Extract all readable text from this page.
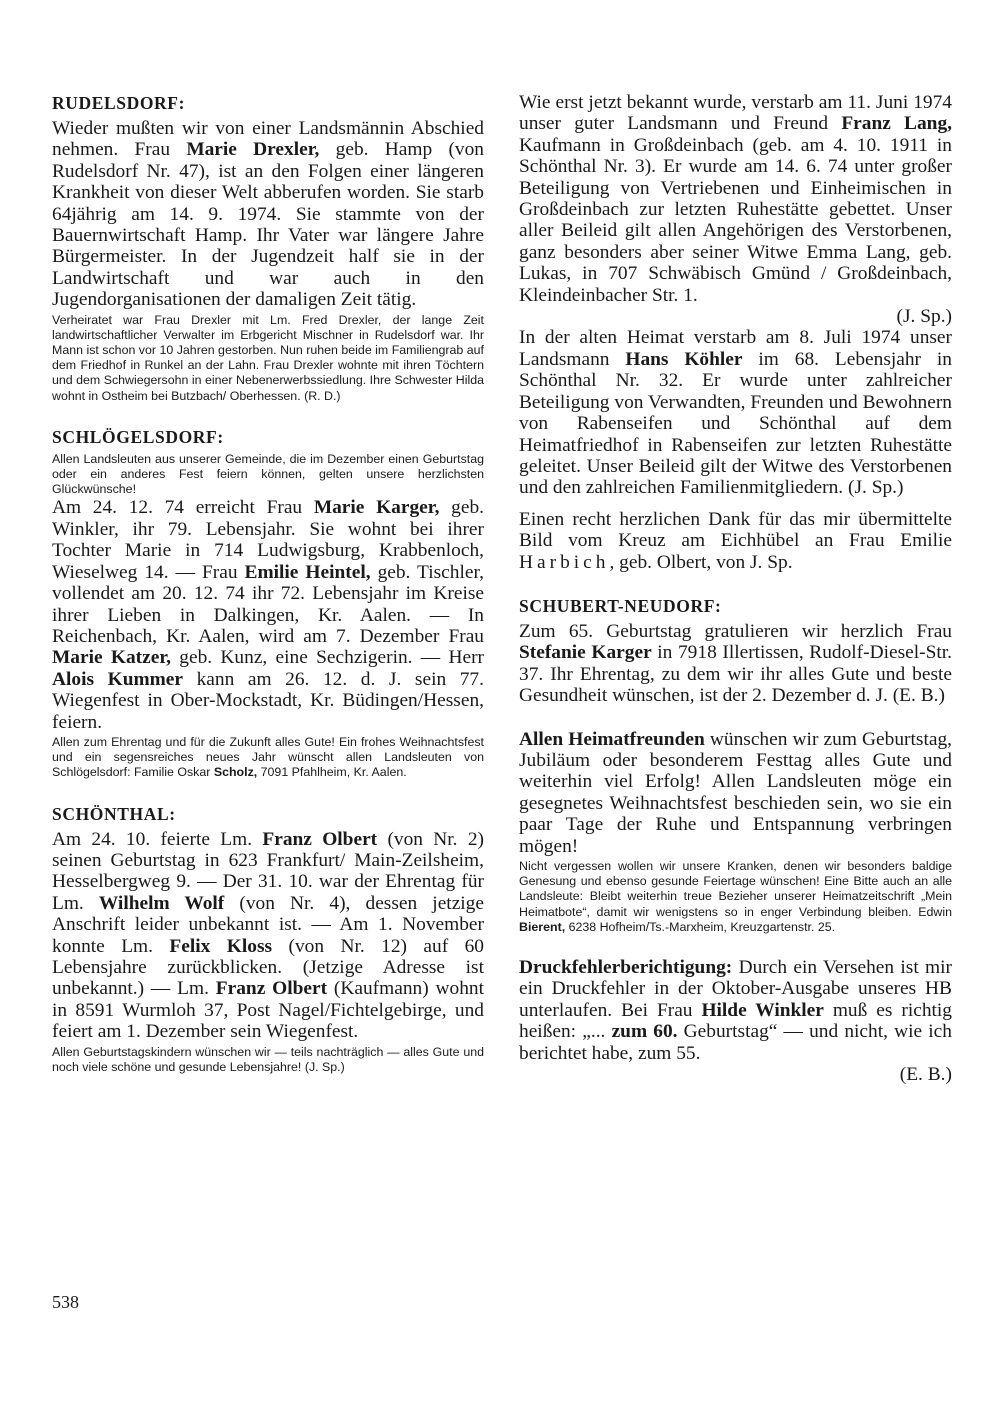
RUDELSDORF:

Wieder mußten wir von einer Landsmännin Abschied nehmen. Frau Marie Drexler, geb. Hamp (von Rudelsdorf Nr. 47), ist an den Folgen einer längeren Krankheit von dieser Welt abberufen worden. Sie starb 64jährig am 14. 9. 1974. Sie stammte von der Bauernwirtschaft Hamp. Ihr Vater war längere Jahre Bürgermeister. In der Jugendzeit half sie in der Landwirtschaft und war auch in den Jugendorganisationen der damaligen Zeit tätig.

Verheiratet war Frau Drexler mit Lm. Fred Drexler, der lange Zeit landwirtschaftlicher Verwalter im Erbgericht Mischner in Rudelsdorf war. Ihr Mann ist schon vor 10 Jahren gestorben. Nun ruhen beide im Familiengrab auf dem Friedhof in Runkel an der Lahn. Frau Drexler wohnte mit ihren Töchtern und dem Schwiegersohn in einer Nebenerwerbssiedlung. Ihre Schwester Hilda wohnt in Ostheim bei Butzbach/ Oberhessen. (R. D.)

SCHLÖGELSDORF:

Allen Landsleuten aus unserer Gemeinde, die im Dezember einen Geburtstag oder ein anderes Fest feiern können, gelten unsere herzlichsten Glückwünsche!

Am 24. 12. 74 erreicht Frau Marie Karger, geb. Winkler, ihr 79. Lebensjahr. Sie wohnt bei ihrer Tochter Marie in 714 Ludwigsburg, Krabbenloch, Wieselweg 14. — Frau Emilie Heintel, geb. Tischler, vollendet am 20. 12. 74 ihr 72. Lebensjahr im Kreise ihrer Lieben in Dalkingen, Kr. Aalen. — In Reichenbach, Kr. Aalen, wird am 7. Dezember Frau Marie Katzer, geb. Kunz, eine Sechzigerin. — Herr Alois Kummer kann am 26. 12. d. J. sein 77. Wiegenfest in Ober-Mockstadt, Kr. Büdingen/Hessen, feiern.

Allen zum Ehrentag und für die Zukunft alles Gute! Ein frohes Weihnachtsfest und ein segensreiches neues Jahr wünscht allen Landsleuten von Schlögelsdorf: Familie Oskar Scholz, 7091 Pfahlheim, Kr. Aalen.

SCHÖNTHAL:

Am 24. 10. feierte Lm. Franz Olbert (von Nr. 2) seinen Geburtstag in 623 Frankfurt/ Main-Zeilsheim, Hesselbergweg 9. — Der 31. 10. war der Ehrentag für Lm. Wilhelm Wolf (von Nr. 4), dessen jetzige Anschrift leider unbekannt ist. — Am 1. November konnte Lm. Felix Kloss (von Nr. 12) auf 60 Lebensjahre zurückblicken. (Jetzige Adresse ist unbekannt.) — Lm. Franz Olbert (Kaufmann) wohnt in 8591 Wurmloh 37, Post Nagel/Fichtelgebirge, und feiert am 1. Dezember sein Wiegenfest.

Allen Geburtstagskindern wünschen wir — teils nachträglich — alles Gute und noch viele schöne und gesunde Lebensjahre! (J. Sp.)

538

Wie erst jetzt bekannt wurde, verstarb am 11. Juni 1974 unser guter Landsmann und Freund Franz Lang, Kaufmann in Großdeinbach (geb. am 4. 10. 1911 in Schönthal Nr. 3). Er wurde am 14. 6. 74 unter großer Beteiligung von Vertriebenen und Einheimischen in Großdeinbach zur letzten Ruhestätte gebettet. Unser aller Beileid gilt allen Angehörigen des Verstorbenen, ganz besonders aber seiner Witwe Emma Lang, geb. Lukas, in 707 Schwäbisch Gmünd / Großdeinbach, Kleindeinbacher Str. 1.
(J. Sp.)

In der alten Heimat verstarb am 8. Juli 1974 unser Landsmann Hans Köhler im 68. Lebensjahr in Schönthal Nr. 32. Er wurde unter zahlreicher Beteiligung von Verwandten, Freunden und Bewohnern von Rabenseifen und Schönthal auf dem Heimatfriedhof in Rabenseifen zur letzten Ruhestätte geleitet. Unser Beileid gilt der Witwe des Verstorbenen und den zahlreichen Familienmitgliedern. (J. Sp.)

Einen recht herzlichen Dank für das mir übermittelte Bild vom Kreuz am Eichhübel an Frau Emilie Harbich, geb. Olbert, von J. Sp.

SCHUBERT-NEUDORF:

Zum 65. Geburtstag gratulieren wir herzlich Frau Stefanie Karger in 7918 Illertissen, Rudolf-Diesel-Str. 37. Ihr Ehrentag, zu dem wir ihr alles Gute und beste Gesundheit wünschen, ist der 2. Dezember d. J. (E. B.)

Allen Heimatfreunden wünschen wir zum Geburtstag, Jubiläum oder besonderem Festtag alles Gute und weiterhin viel Erfolg! Allen Landsleuten möge ein gesegnetes Weihnachtsfest beschieden sein, wo sie ein paar Tage der Ruhe und Entspannung verbringen mögen!

Nicht vergessen wollen wir unsere Kranken, denen wir besonders baldige Genesung und ebenso gesunde Feiertage wünschen! Eine Bitte auch an alle Landsleute: Bleibt weiterhin treue Bezieher unserer Heimatzeitschrift „Mein Heimatbote“, damit wir wenigstens so in enger Verbindung bleiben. Edwin Bierent, 6238 Hofheim/Ts.-Marxheim, Kreuzgartenstr. 25.

Druckfehlerberichtigung: Durch ein Versehen ist mir ein Druckfehler in der Oktober-Ausgabe unseres HB unterlaufen. Bei Frau Hilde Winkler muß es richtig heißen: „... zum 60. Geburtstag“ — und nicht, wie ich berichtet habe, zum 55.
(E. B.)
